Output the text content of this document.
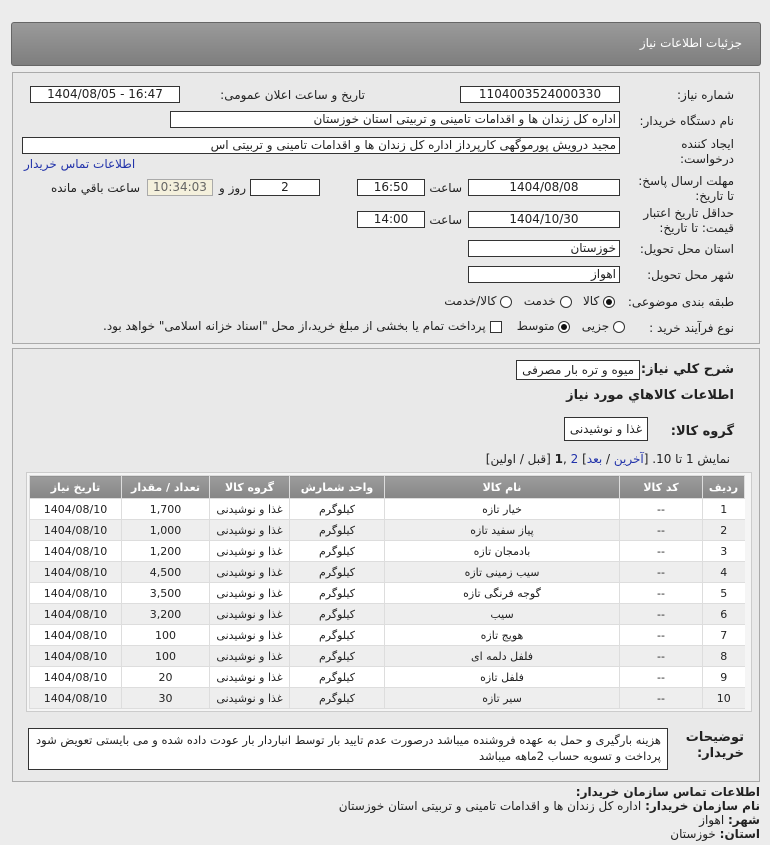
جزئیات اطلاعات نیاز
شماره نیاز:
1104003524000330
تاریخ و ساعت اعلان عمومی:
1404/08/05 - 16:47
نام دستگاه خریدار:
اداره کل زندان ها و اقدامات تامینی و تربیتی استان خوزستان
ایجاد کننده
درخواست:
مجید درویش پورموگهی کارپرداز اداره کل زندان ها و اقدامات تامینی و تربیتی اس
اطلاعات تماس خریدار
مهلت ارسال پاسخ:
تا تاریخ:
1404/08/08
ساعت
16:50
2
روز و
10:34:03
ساعت باقي مانده
حداقل تاریخ اعتبار
قیمت: تا تاریخ:
1404/10/30
ساعت
14:00
استان محل تحویل:
خوزستان
شهر محل تحویل:
اهواز
طبقه بندی موضوعی:
کالا    خدمت    کالا/خدمت
نوع فرآیند خرید :
جزیی    متوسط     پرداخت تمام یا بخشی از مبلغ خرید،از محل "اسناد خزانه اسلامی" خواهد بود.
شرح کلي نیاز:
میوه و تره بار مصرفی
اطلاعات کالاهاي مورد نیاز
گروه کالا:
غذا و نوشیدنی
نمایش 1 تا 10. [آخرین / بعد] 2 ,1 [قبل / اولین]
ردیف	کد کالا	نام کالا	واحد شمارش	گروه کالا	تعداد / مقدار	تاریخ نیاز
1	--	خیار تازه	کیلوگرم	غذا و نوشیدنی	1,700	1404/08/10
2	--	پیاز سفید تازه	کیلوگرم	غذا و نوشیدنی	1,000	1404/08/10
3	--	بادمجان تازه	کیلوگرم	غذا و نوشیدنی	1,200	1404/08/10
4	--	سیب زمینی تازه	کیلوگرم	غذا و نوشیدنی	4,500	1404/08/10
5	--	گوجه فرنگی تازه	کیلوگرم	غذا و نوشیدنی	3,500	1404/08/10
6	--	سیب	کیلوگرم	غذا و نوشیدنی	3,200	1404/08/10
7	--	هویج تازه	کیلوگرم	غذا و نوشیدنی	100	1404/08/10
8	--	فلفل دلمه ای	کیلوگرم	غذا و نوشیدنی	100	1404/08/10
9	--	فلفل تازه	کیلوگرم	غذا و نوشیدنی	20	1404/08/10
10	--	سیر تازه	کیلوگرم	غذا و نوشیدنی	30	1404/08/10
توضیحات
خریدار:
هزینه بارگیری و حمل به عهده فروشنده میباشد درصورت عدم تایید بار توسط انباردار بار عودت داده شده و می بایستی تعویض شود پرداخت و تسویه حساب 2ماهه میباشد
اطلاعات تماس سازمان خریدار:
نام سازمان خریدار: اداره کل زندان ها و اقدامات تامینی و تربیتی استان خوزستان
شهر: اهواز
استان: خوزستان
